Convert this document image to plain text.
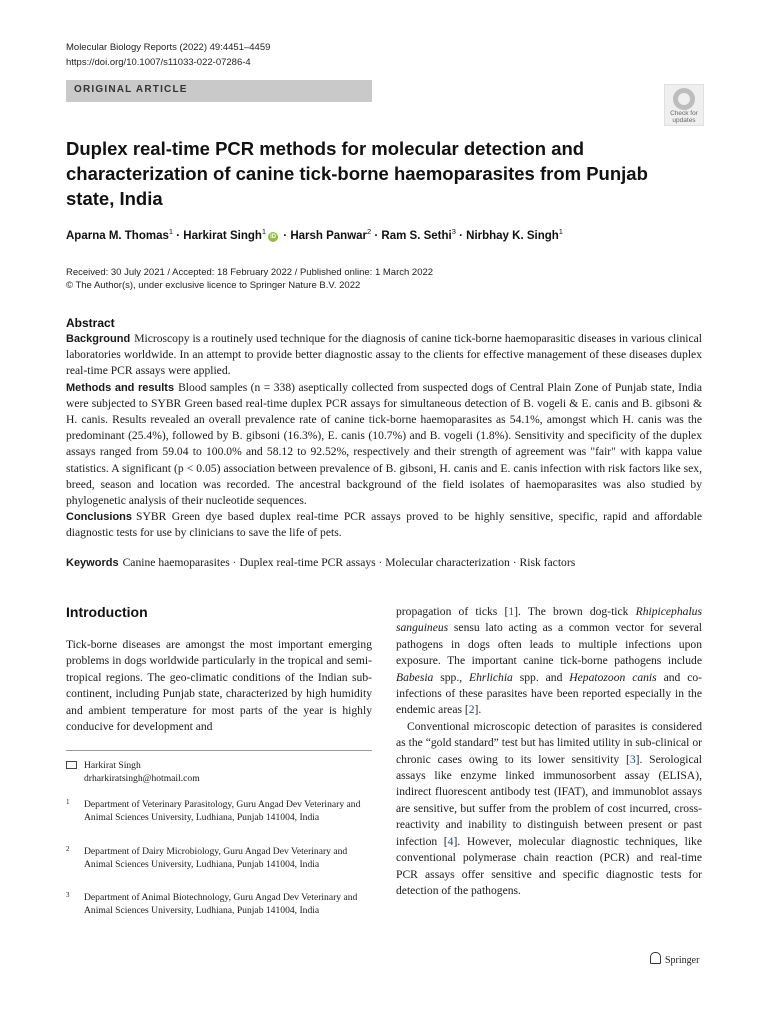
Molecular Biology Reports (2022) 49:4451–4459
https://doi.org/10.1007/s11033-022-07286-4
ORIGINAL ARTICLE
Check for
updates
Duplex real-time PCR methods for molecular detection and characterization of canine tick-borne haemoparasites from Punjab state, India
Aparna M. Thomas$^1$ · Harkirat Singh$^1$iD · Harsh Panwar$^2$ · Ram S. Sethi$^3$ · Nirbhay K. Singh$^1$
Received: 30 July 2021 / Accepted: 18 February 2022 / Published online: 1 March 2022
© The Author(s), under exclusive licence to Springer Nature B.V. 2022
Abstract

Background Microscopy is a routinely used technique for the diagnosis of canine tick-borne haemoparasitic diseases in various clinical laboratories worldwide. In an attempt to provide better diagnostic assay to the clients for effective management of these diseases duplex real-time PCR assays were applied.

Methods and results Blood samples (n = 338) aseptically collected from suspected dogs of Central Plain Zone of Punjab state, India were subjected to SYBR Green based real-time duplex PCR assays for simultaneous detection of B. vogeli & E. canis and B. gibsoni & H. canis. Results revealed an overall prevalence rate of canine tick-borne haemoparasites as 54.1%, amongst which H. canis was the predominant (25.4%), followed by B. gibsoni (16.3%), E. canis (10.7%) and B. vogeli (1.8%). Sensitivity and specificity of the duplex assays ranged from 59.04 to 100.0% and 58.12 to 92.52%, respectively and their strength of agreement was "fair" with kappa value statistics. A significant (p < 0.05) association between prevalence of B. gibsoni, H. canis and E. canis infection with risk factors like sex, breed, season and location was recorded. The ancestral background of the field isolates of haemoparasites was also studied by phylogenetic analysis of their nucleotide sequences.

Conclusions SYBR Green dye based duplex real-time PCR assays proved to be highly sensitive, specific, rapid and affordable diagnostic tests for use by clinicians to save the life of pets.

Keywords Canine haemoparasites · Duplex real-time PCR assays · Molecular characterization · Risk factors
Introduction

Tick-borne diseases are amongst the most important emerging problems in dogs worldwide particularly in the tropical and semi-tropical regions. The geo-climatic conditions of the Indian sub-continent, including Punjab state, characterized by high humidity and ambient temperature for most parts of the year is highly conducive for development and

Harkirat Singh
drharkiratsingh@hotmail.com
1	Department of Veterinary Parasitology, Guru Angad Dev Veterinary and Animal Sciences University, Ludhiana, Punjab 141004, India
2	Department of Dairy Microbiology, Guru Angad Dev Veterinary and Animal Sciences University, Ludhiana, Punjab 141004, India
3	Department of Animal Biotechnology, Guru Angad Dev Veterinary and Animal Sciences University, Ludhiana, Punjab 141004, India

propagation of ticks [1]. The brown dog-tick Rhipicephalus sanguineus sensu lato acting as a common vector for several pathogens in dogs often leads to multiple infections upon exposure. The important canine tick-borne pathogens include Babesia spp., Ehrlichia spp. and Hepatozoon canis and co-infections of these parasites have been reported especially in the endemic areas [2].

Conventional microscopic detection of parasites is considered as the “gold standard” test but has limited utility in sub-clinical or chronic cases owing to its lower sensitivity [3]. Serological assays like enzyme linked immunosorbent assay (ELISA), indirect fluorescent antibody test (IFAT), and immunoblot assays are sensitive, but suffer from the problem of cost incurred, cross-reactivity and inability to distinguish between present or past infection [4]. However, molecular diagnostic techniques, like conventional polymerase chain reaction (PCR) and real-time PCR assays offer sensitive and specific diagnostic tests for detection of the pathogens.

Springer
